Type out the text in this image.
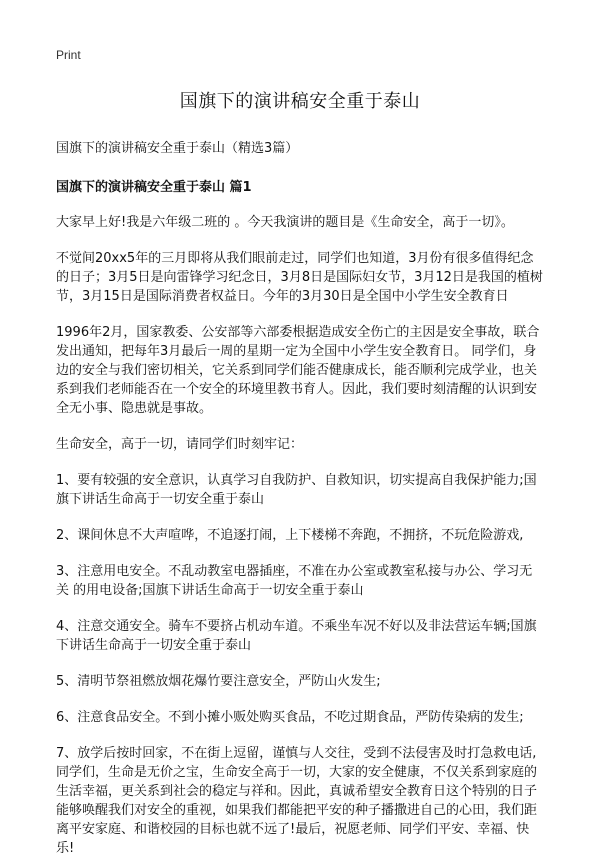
Print
国旗下的演讲稿安全重于泰山

国旗下的演讲稿安全重于泰山（精选3篇）

国旗下的演讲稿安全重于泰山 篇1

大家早上好!我是六年级二班的 。今天我演讲的题目是《生命安全，高于一切》。

不觉间20xx5年的三月即将从我们眼前走过，同学们也知道，3月份有很多值得纪念的日子；3月5日是向雷锋学习纪念日，3月8日是国际妇女节，3月12日是我国的植树节，3月15日是国际消费者权益日。今年的3月30日是全国中小学生安全教育日

1996年2月，国家教委、公安部等六部委根据造成安全伤亡的主因是安全事故，联合发出通知，把每年3月最后一周的星期一定为全国中小学生安全教育日。 同学们，身边的安全与我们密切相关，它关系到同学们能否健康成长，能否顺利完成学业，也关系到我们老师能否在一个安全的环境里教书育人。因此，我们要时刻清醒的认识到安全无小事、隐患就是事故。

生命安全，高于一切，请同学们时刻牢记：

1、要有较强的安全意识，认真学习自我防护、自救知识，切实提高自我保护能力;国旗下讲话生命高于一切安全重于泰山

2、课间休息不大声喧哗，不追逐打闹，上下楼梯不奔跑，不拥挤，不玩危险游戏,

3、注意用电安全。不乱动教室电器插座，不准在办公室或教室私接与办公、学习无关 的用电设备;国旗下讲话生命高于一切安全重于泰山

4、注意交通安全。骑车不要挤占机动车道。不乘坐车况不好以及非法营运车辆;国旗下讲话生命高于一切安全重于泰山

5、清明节祭祖燃放烟花爆竹要注意安全，严防山火发生;

6、注意食品安全。不到小摊小贩处购买食品，不吃过期食品，严防传染病的发生;

7、放学后按时回家，不在街上逗留，谨慎与人交往，受到不法侵害及时打急救电话, 同学们，生命是无价之宝，生命安全高于一切，大家的安全健康，不仅关系到家庭的生活幸福，更关系到社会的稳定与祥和。因此，真诚希望安全教育日这个特别的日子能够唤醒我们对安全的重视，如果我们都能把平安的种子播撒进自己的心田，我们距离平安家庭、和谐校园的目标也就不远了!最后，祝愿老师、同学们平安、幸福、快乐!
